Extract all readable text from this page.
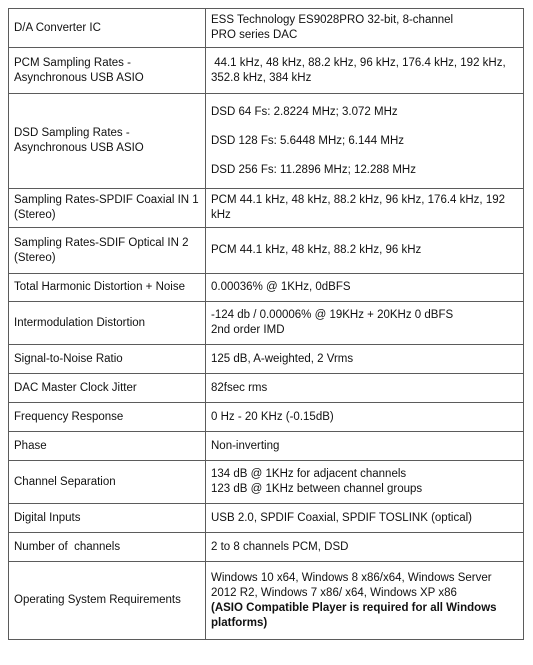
D/A Converter IC	ESS Technology ES9028PRO 32-bit, 8-channel
PRO series DAC
PCM Sampling Rates - Asynchronous USB ASIO	44.1 kHz, 48 kHz, 88.2 kHz, 96 kHz, 176.4 kHz, 192 kHz,
352.8 kHz, 384 kHz
DSD Sampling Rates - Asynchronous USB ASIO	DSD 64 Fs: 2.8224 MHz; 3.072 MHz
DSD 128 Fs: 5.6448 MHz; 6.144 MHz
DSD 256 Fs: 11.2896 MHz; 12.288 MHz

Sampling Rates-SPDIF Coaxial IN 1 (Stereo)	PCM 44.1 kHz, 48 kHz, 88.2 kHz, 96 kHz, 176.4 kHz, 192 kHz
Sampling Rates-SDIF Optical IN 2 (Stereo)	PCM 44.1 kHz, 48 kHz, 88.2 kHz, 96 kHz
Total Harmonic Distortion + Noise	0.00036% @ 1KHz, 0dBFS
Intermodulation Distortion	-124 db / 0.00006% @ 19KHz + 20KHz 0 dBFS
2nd order IMD
Signal-to-Noise Ratio	125 dB, A-weighted, 2 Vrms
DAC Master Clock Jitter	82fsec rms
Frequency Response	0 Hz - 20 KHz (-0.15dB)
Phase	Non-inverting
Channel Separation	134 dB @ 1KHz for adjacent channels
123 dB @ 1KHz between channel groups
Digital Inputs	USB 2.0, SPDIF Coaxial, SPDIF TOSLINK (optical)
Number of  channels	2 to 8 channels PCM, DSD
Operating System Requirements	Windows 10 x64, Windows 8 x86/x64, Windows Server
2012 R2, Windows 7 x86/ x64, Windows XP x86
(ASIO Compatible Player is required for all Windows
platforms)
